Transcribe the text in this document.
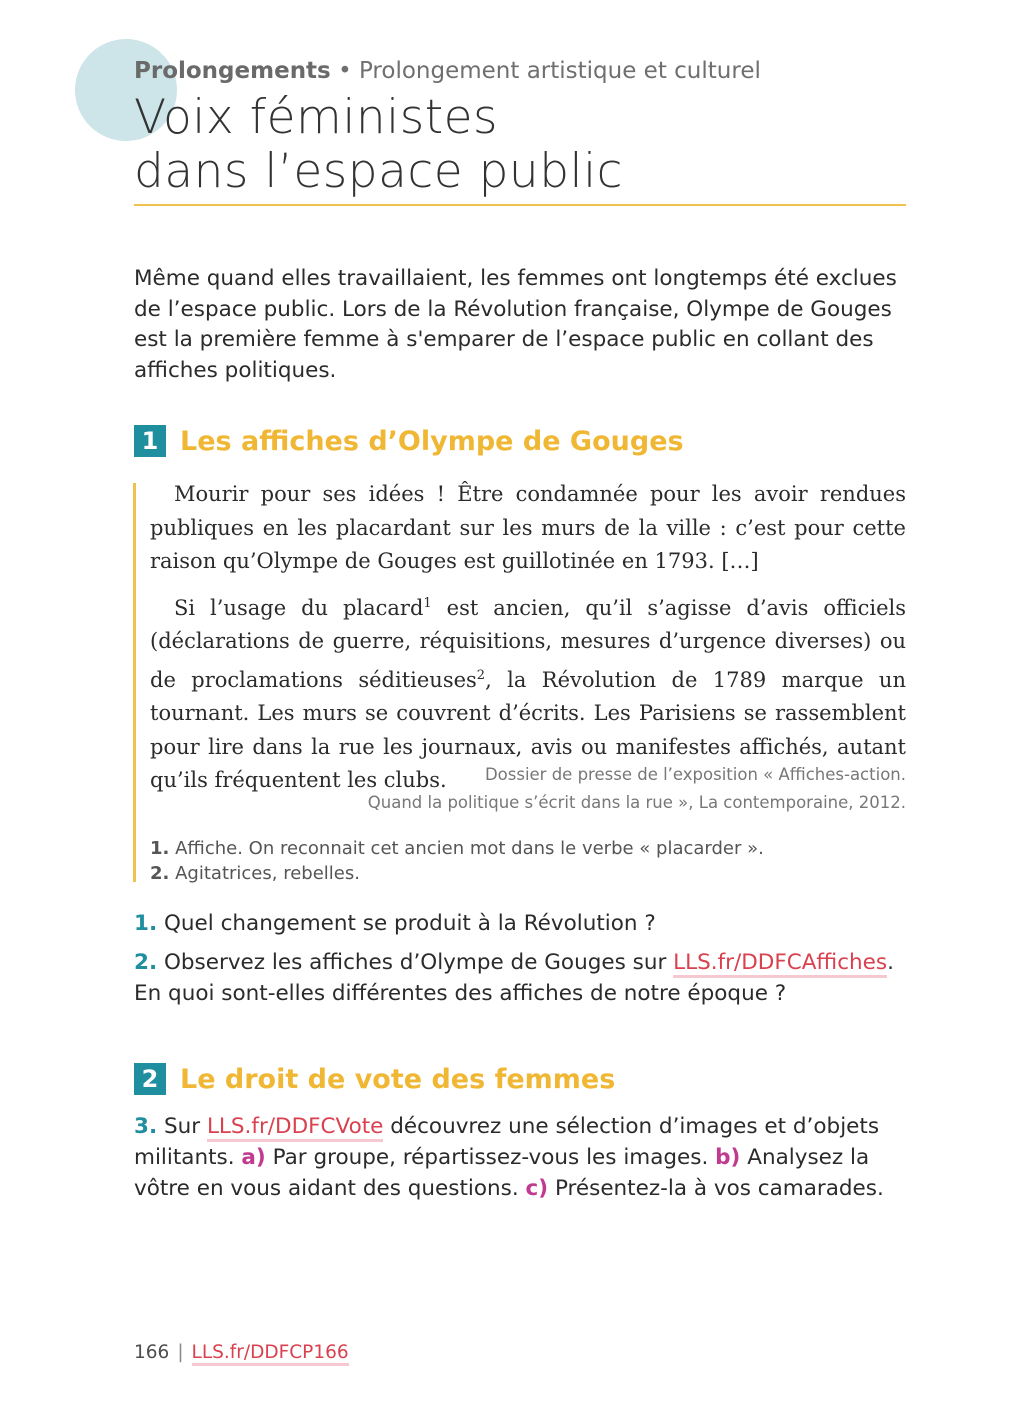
Prolongements • Prolongement artistique et culturel
Voix féministes
dans l’espace public
Même quand elles travaillaient, les femmes ont longtemps été exclues de l’espace public. Lors de la Révolution française, Olympe de Gouges est la première femme à s'emparer de l’espace public en collant des affiches politiques.
1 Les affiches d’Olympe de Gouges

Mourir pour ses idées ! Être condamnée pour les avoir rendues publiques en les placardant sur les murs de la ville : c’est pour cette raison qu’Olympe de Gouges est guillotinée en 1793. […]

Si l’usage du placard$^1$ est ancien, qu’il s’agisse d’avis officiels (déclarations de guerre, réquisitions, mesures d’urgence diverses) ou de proclamations séditieuses$^2$, la Révolution de 1789 marque un tournant. Les murs se couvrent d’écrits. Les Parisiens se rassemblent pour lire dans la rue les journaux, avis ou manifestes affichés, autant qu’ils fréquentent les clubs.	Dossier de presse de l’exposition « Affiches-action.
Quand la politique s’écrit dans la rue », La contemporaine, 2012.
1. Affiche. On reconnait cet ancien mot dans le verbe « placarder ».
2. Agitatrices, rebelles.
1. Quel changement se produit à la Révolution ?
2. Observez les affiches d’Olympe de Gouges sur LLS.fr/DDFCAffiches.
En quoi sont-elles différentes des affiches de notre époque ?
2 Le droit de vote des femmes
3. Sur LLS.fr/DDFCVote découvrez une sélection d’images et d’objets militants. a) Par groupe, répartissez-vous les images. b) Analysez la vôtre en vous aidant des questions. c) Présentez-la à vos camarades.
166 | LLS.fr/DDFCP166
